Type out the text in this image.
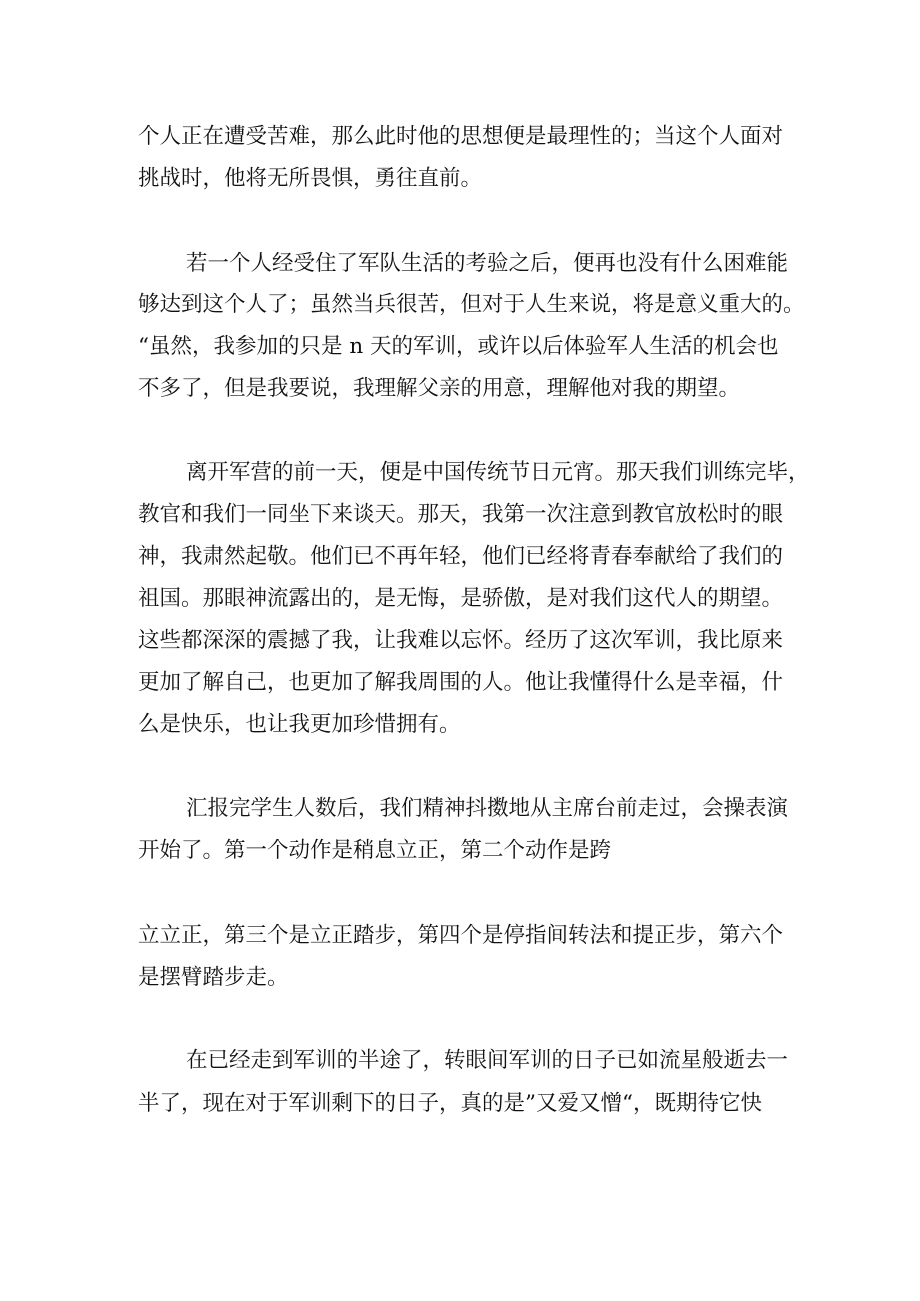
个人正在遭受苦难，那么此时他的思想便是最理性的；当这个人面对
挑战时，他将无所畏惧，勇往直前。
若一个人经受住了军队生活的考验之后，便再也没有什么困难能
够达到这个人了；虽然当兵很苦，但对于人生来说，将是意义重大的。
“虽然，我参加的只是 n 天的军训，或许以后体验军人生活的机会也
不多了，但是我要说，我理解父亲的用意，理解他对我的期望。
离开军营的前一天，便是中国传统节日元宵。那天我们训练完毕，
教官和我们一同坐下来谈天。那天，我第一次注意到教官放松时的眼
神，我肃然起敬。他们已不再年轻，他们已经将青春奉献给了我们的
祖国。那眼神流露出的，是无悔，是骄傲，是对我们这代人的期望。
这些都深深的震撼了我，让我难以忘怀。经历了这次军训，我比原来
更加了解自己，也更加了解我周围的人。他让我懂得什么是幸福，什
么是快乐，也让我更加珍惜拥有。
汇报完学生人数后，我们精神抖擞地从主席台前走过，会操表演
开始了。第一个动作是稍息立正，第二个动作是跨
立立正，第三个是立正踏步，第四个是停指间转法和提正步，第六个
是摆臂踏步走。
在已经走到军训的半途了，转眼间军训的日子已如流星般逝去一
半了，现在对于军训剩下的日子，真的是”又爱又憎“，既期待它快
